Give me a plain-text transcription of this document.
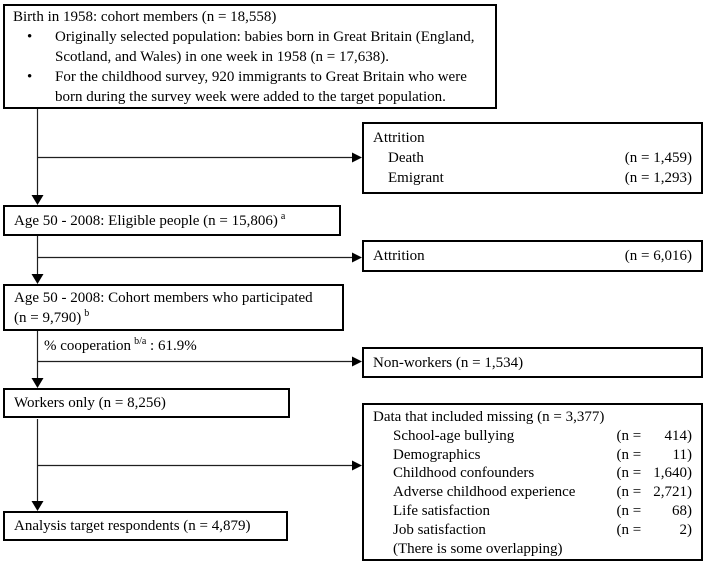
Birth in 1958: cohort members (n = 18,558)
•	Originally selected population: babies born in Great Britain (England,
Scotland, and Wales) in one week in 1958 (n = 17,638).
•	For the childhood survey, 920 immigrants to Great Britain who were
born during the survey week were added to the target population.
Attrition
Death	(n = 1,459)
Emigrant	(n = 1,293)
Age 50 - 2008: Eligible people (n = 15,806) $^a$
Attrition	(n = 6,016)
Age 50 - 2008: Cohort members who participated
(n = 9,790) $^b$
% cooperation $^{b/a}$ : 61.9%
Non-workers (n = 1,534)
Workers only (n = 8,256)
Data that included missing (n = 3,377)
School-age bullying	(n = 414)
Demographics	(n = 11)
Childhood confounders	(n = 1,640)
Adverse childhood experience	(n = 2,721)
Life satisfaction	(n = 68)
Job satisfaction	(n = 2)
(There is some overlapping)
Analysis target respondents (n = 4,879)
